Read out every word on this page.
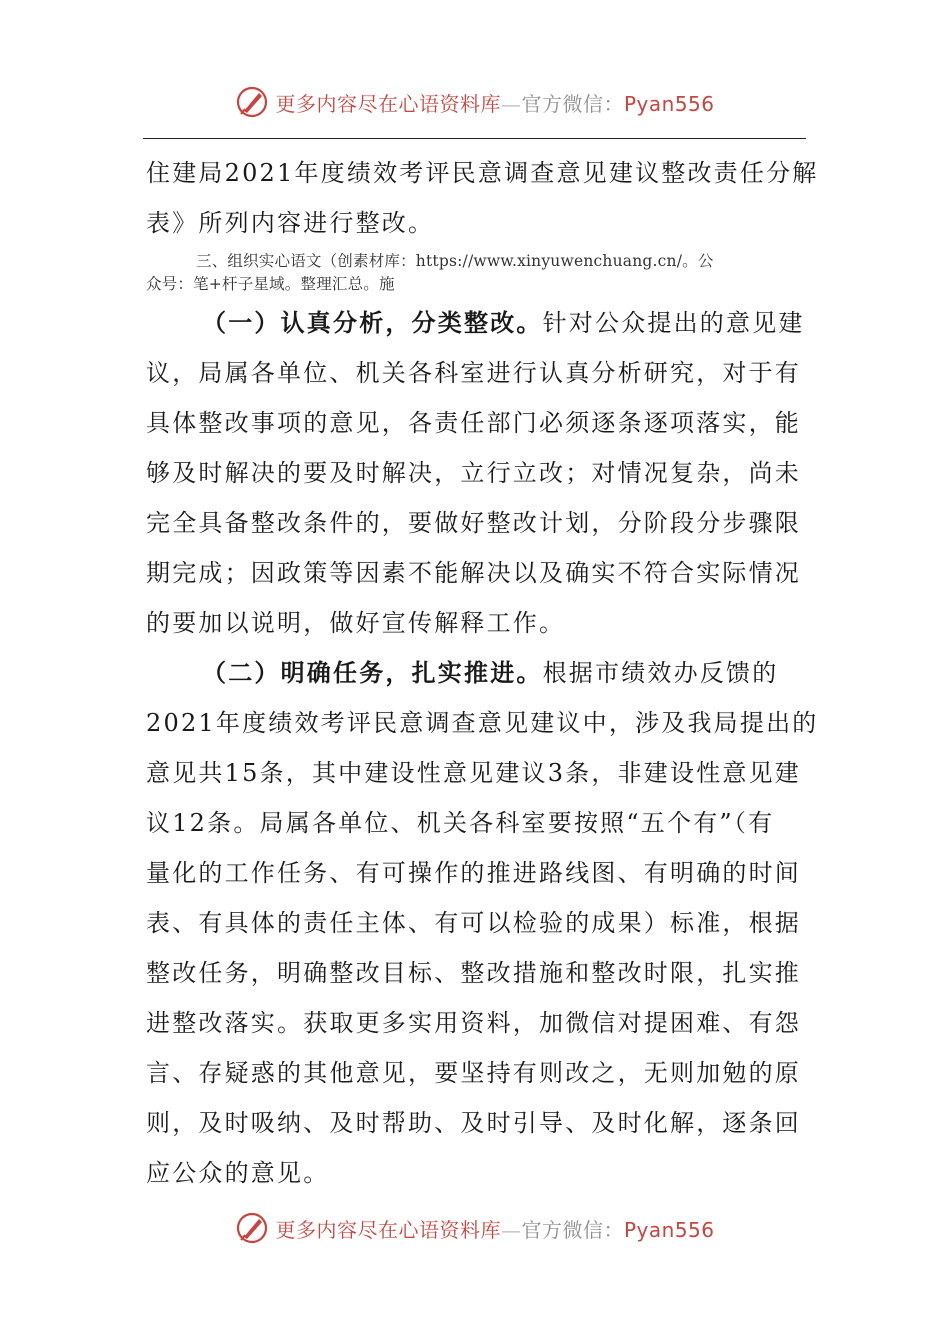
更多内容尽在心语资料库—官方微信：Pyan556
住建局2021年度绩效考评民意调查意见建议整改责任分解
表》所列内容进行整改。
三、组织实心语文（创素材库：https://www.xinyuwenchuang.cn/。公
众号：笔+杆子星域。整理汇总。施
（一）认真分析，分类整改。针对公众提出的意见建
议，局属各单位、机关各科室进行认真分析研究，对于有
具体整改事项的意见，各责任部门必须逐条逐项落实，能
够及时解决的要及时解决，立行立改；对情况复杂，尚未
完全具备整改条件的，要做好整改计划，分阶段分步骤限
期完成；因政策等因素不能解决以及确实不符合实际情况
的要加以说明，做好宣传解释工作。
（二）明确任务，扎实推进。根据市绩效办反馈的
2021年度绩效考评民意调查意见建议中，涉及我局提出的
意见共15条，其中建设性意见建议3条，非建设性意见建
议12条。局属各单位、机关各科室要按照“五个有”（有
量化的工作任务、有可操作的推进路线图、有明确的时间
表、有具体的责任主体、有可以检验的成果）标准，根据
整改任务，明确整改目标、整改措施和整改时限，扎实推
进整改落实。获取更多实用资料，加微信对提困难、有怨
言、存疑惑的其他意见，要坚持有则改之，无则加勉的原
则，及时吸纳、及时帮助、及时引导、及时化解，逐条回
应公众的意见。
更多内容尽在心语资料库—官方微信：Pyan556
